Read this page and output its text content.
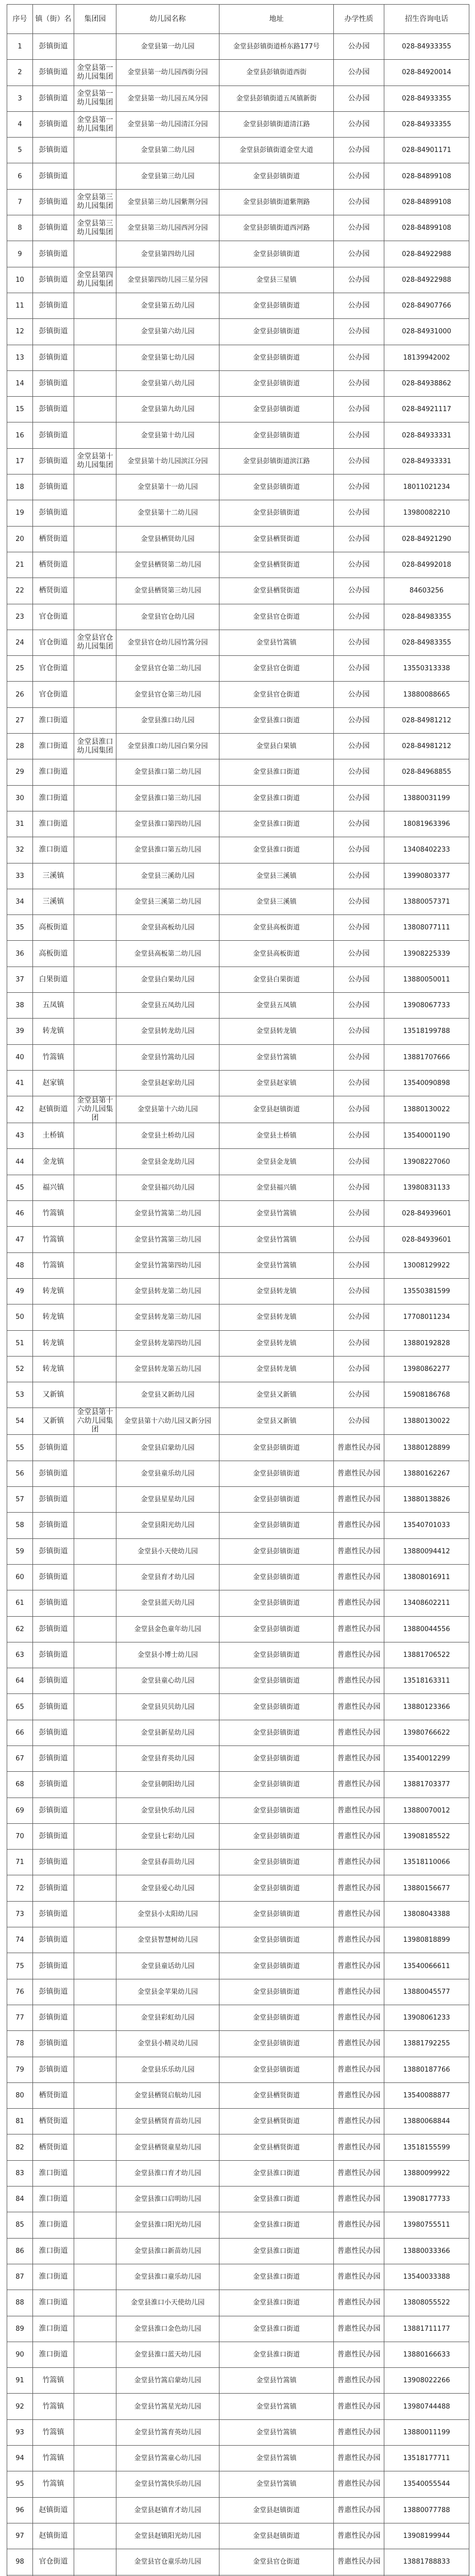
序号	镇（街）名	集团园	幼儿园名称	地址	办学性质	招生咨询电话
1	彭镇街道		金堂县第一幼儿园	金堂县彭镇街道桥东路177号	公办园	028-84933355
2	彭镇街道	金堂县第一幼儿园集团	金堂县第一幼儿园西街分园	金堂县彭镇街道西街	公办园	028-84920014
3	彭镇街道	金堂县第一幼儿园集团	金堂县第一幼儿园五凤分园	金堂县彭镇街道五凤镇新街	公办园	028-84933355
4	彭镇街道	金堂县第一幼儿园集团	金堂县第一幼儿园清江分园	金堂县彭镇街道清江路	公办园	028-84933355
5	彭镇街道		金堂县第二幼儿园	金堂县彭镇街道金堂大道	公办园	028-84901171
6	彭镇街道		金堂县第三幼儿园	金堂县彭镇街道	公办园	028-84899108
7	彭镇街道	金堂县第三幼儿园集团	金堂县第三幼儿园紫荆分园	金堂县彭镇街道紫荆路	公办园	028-84899108
8	彭镇街道	金堂县第三幼儿园集团	金堂县第三幼儿园西河分园	金堂县彭镇街道西河路	公办园	028-84899108
9	彭镇街道		金堂县第四幼儿园	金堂县彭镇街道	公办园	028-84922988
10	彭镇街道	金堂县第四幼儿园集团	金堂县第四幼儿园三星分园	金堂县三星镇	公办园	028-84922988
11	彭镇街道		金堂县第五幼儿园	金堂县彭镇街道	公办园	028-84907766
12	彭镇街道		金堂县第六幼儿园	金堂县彭镇街道	公办园	028-84931000
13	彭镇街道		金堂县第七幼儿园	金堂县彭镇街道	公办园	18139942002
14	彭镇街道		金堂县第八幼儿园	金堂县彭镇街道	公办园	028-84938862
15	彭镇街道		金堂县第九幼儿园	金堂县彭镇街道	公办园	028-84921117
16	彭镇街道		金堂县第十幼儿园	金堂县彭镇街道	公办园	028-84933331
17	彭镇街道	金堂县第十幼儿园集团	金堂县第十幼儿园滨江分园	金堂县彭镇街道滨江路	公办园	028-84933331
18	彭镇街道		金堂县第十一幼儿园	金堂县彭镇街道	公办园	18011021234
19	彭镇街道		金堂县第十二幼儿园	金堂县彭镇街道	公办园	13980082210
20	栖贤街道		金堂县栖贤幼儿园	金堂县栖贤街道	公办园	028-84921290
21	栖贤街道		金堂县栖贤第二幼儿园	金堂县栖贤街道	公办园	028-84992018
22	栖贤街道		金堂县栖贤第三幼儿园	金堂县栖贤街道	公办园	84603256
23	官仓街道		金堂县官仓幼儿园	金堂县官仓街道	公办园	028-84983355
24	官仓街道	金堂县官仓幼儿园集团	金堂县官仓幼儿园竹篙分园	金堂县竹篙镇	公办园	028-84983355
25	官仓街道		金堂县官仓第二幼儿园	金堂县官仓街道	公办园	13550313338
26	官仓街道		金堂县官仓第三幼儿园	金堂县官仓街道	公办园	13880088665
27	淮口街道		金堂县淮口幼儿园	金堂县淮口街道	公办园	028-84981212
28	淮口街道	金堂县淮口幼儿园集团	金堂县淮口幼儿园白果分园	金堂县白果镇	公办园	028-84981212
29	淮口街道		金堂县淮口第二幼儿园	金堂县淮口街道	公办园	028-84968855
30	淮口街道		金堂县淮口第三幼儿园	金堂县淮口街道	公办园	13880031199
31	淮口街道		金堂县淮口第四幼儿园	金堂县淮口街道	公办园	18081963396
32	淮口街道		金堂县淮口第五幼儿园	金堂县淮口街道	公办园	13408402233
33	三溪镇		金堂县三溪幼儿园	金堂县三溪镇	公办园	13990803377
34	三溪镇		金堂县三溪第二幼儿园	金堂县三溪镇	公办园	13880057371
35	高板街道		金堂县高板幼儿园	金堂县高板街道	公办园	13808077111
36	高板街道		金堂县高板第二幼儿园	金堂县高板街道	公办园	13908225339
37	白果街道		金堂县白果幼儿园	金堂县白果街道	公办园	13880050011
38	五凤镇		金堂县五凤幼儿园	金堂县五凤镇	公办园	13908067733
39	转龙镇		金堂县转龙幼儿园	金堂县转龙镇	公办园	13518199788
40	竹篙镇		金堂县竹篙幼儿园	金堂县竹篙镇	公办园	13881707666
41	赵家镇		金堂县赵家幼儿园	金堂县赵家镇	公办园	13540090898
42	赵镇街道	金堂县第十六幼儿园集团	金堂县第十六幼儿园	金堂县赵镇街道	公办园	13880130022
43	土桥镇		金堂县土桥幼儿园	金堂县土桥镇	公办园	13540001190
44	金龙镇		金堂县金龙幼儿园	金堂县金龙镇	公办园	13908227060
45	福兴镇		金堂县福兴幼儿园	金堂县福兴镇	公办园	13980831133
46	竹篙镇		金堂县竹篙第二幼儿园	金堂县竹篙镇	公办园	028-84939601
47	竹篙镇		金堂县竹篙第三幼儿园	金堂县竹篙镇	公办园	028-84939601
48	竹篙镇		金堂县竹篙第四幼儿园	金堂县竹篙镇	公办园	13008129922
49	转龙镇		金堂县转龙第二幼儿园	金堂县转龙镇	公办园	13550381599
50	转龙镇		金堂县转龙第三幼儿园	金堂县转龙镇	公办园	17708011234
51	转龙镇		金堂县转龙第四幼儿园	金堂县转龙镇	公办园	13880192828
52	转龙镇		金堂县转龙第五幼儿园	金堂县转龙镇	公办园	13980862277
53	又新镇		金堂县又新幼儿园	金堂县又新镇	公办园	15908186768
54	又新镇	金堂县第十六幼儿园集团	金堂县第十六幼儿园又新分园	金堂县又新镇	公办园	13880130022
55	彭镇街道		金堂县启蒙幼儿园	金堂县彭镇街道	普惠性民办园	13880128899
56	彭镇街道		金堂县童乐幼儿园	金堂县彭镇街道	普惠性民办园	13880162267
57	彭镇街道		金堂县星星幼儿园	金堂县彭镇街道	普惠性民办园	13880138826
58	彭镇街道		金堂县阳光幼儿园	金堂县彭镇街道	普惠性民办园	13540701033
59	彭镇街道		金堂县小天使幼儿园	金堂县彭镇街道	普惠性民办园	13880094412
60	彭镇街道		金堂县育才幼儿园	金堂县彭镇街道	普惠性民办园	13808016911
61	彭镇街道		金堂县蓝天幼儿园	金堂县彭镇街道	普惠性民办园	13408602211
62	彭镇街道		金堂县金色童年幼儿园	金堂县彭镇街道	普惠性民办园	13880044556
63	彭镇街道		金堂县小博士幼儿园	金堂县彭镇街道	普惠性民办园	13881706522
64	彭镇街道		金堂县童心幼儿园	金堂县彭镇街道	普惠性民办园	13518163311
65	彭镇街道		金堂县贝贝幼儿园	金堂县彭镇街道	普惠性民办园	13880123366
66	彭镇街道		金堂县新星幼儿园	金堂县彭镇街道	普惠性民办园	13980766622
67	彭镇街道		金堂县育英幼儿园	金堂县彭镇街道	普惠性民办园	13540012299
68	彭镇街道		金堂县朝阳幼儿园	金堂县彭镇街道	普惠性民办园	13881703377
69	彭镇街道		金堂县快乐幼儿园	金堂县彭镇街道	普惠性民办园	13880070012
70	彭镇街道		金堂县七彩幼儿园	金堂县彭镇街道	普惠性民办园	13908185522
71	彭镇街道		金堂县春苗幼儿园	金堂县彭镇街道	普惠性民办园	13518110066
72	彭镇街道		金堂县爱心幼儿园	金堂县彭镇街道	普惠性民办园	13880156677
73	彭镇街道		金堂县小太阳幼儿园	金堂县彭镇街道	普惠性民办园	13808043388
74	彭镇街道		金堂县智慧树幼儿园	金堂县彭镇街道	普惠性民办园	13980818899
75	彭镇街道		金堂县童话幼儿园	金堂县彭镇街道	普惠性民办园	13540066611
76	彭镇街道		金堂县金苹果幼儿园	金堂县彭镇街道	普惠性民办园	13880045577
77	彭镇街道		金堂县彩虹幼儿园	金堂县彭镇街道	普惠性民办园	13908061233
78	彭镇街道		金堂县小精灵幼儿园	金堂县彭镇街道	普惠性民办园	13881792255
79	彭镇街道		金堂县乐乐幼儿园	金堂县彭镇街道	普惠性民办园	13880187766
80	栖贤街道		金堂县栖贤启航幼儿园	金堂县栖贤街道	普惠性民办园	13540088877
81	栖贤街道		金堂县栖贤育苗幼儿园	金堂县栖贤街道	普惠性民办园	13880068844
82	栖贤街道		金堂县栖贤童星幼儿园	金堂县栖贤街道	普惠性民办园	13518155599
83	淮口街道		金堂县淮口育才幼儿园	金堂县淮口街道	普惠性民办园	13880099922
84	淮口街道		金堂县淮口启明幼儿园	金堂县淮口街道	普惠性民办园	13908177733
85	淮口街道		金堂县淮口阳光幼儿园	金堂县淮口街道	普惠性民办园	13980755511
86	淮口街道		金堂县淮口新苗幼儿园	金堂县淮口街道	普惠性民办园	13880033366
87	淮口街道		金堂县淮口童乐幼儿园	金堂县淮口街道	普惠性民办园	13540033388
88	淮口街道		金堂县淮口小天使幼儿园	金堂县淮口街道	普惠性民办园	13808055522
89	淮口街道		金堂县淮口金色幼儿园	金堂县淮口街道	普惠性民办园	13881711177
90	淮口街道		金堂县淮口蓝天幼儿园	金堂县淮口街道	普惠性民办园	13880166633
91	竹篙镇		金堂县竹篙启蒙幼儿园	金堂县竹篙镇	普惠性民办园	13908022266
92	竹篙镇		金堂县竹篙星光幼儿园	金堂县竹篙镇	普惠性民办园	13980744488
93	竹篙镇		金堂县竹篙育英幼儿园	金堂县竹篙镇	普惠性民办园	13880011199
94	竹篙镇		金堂县竹篙童心幼儿园	金堂县竹篙镇	普惠性民办园	13518177711
95	竹篙镇		金堂县竹篙快乐幼儿园	金堂县竹篙镇	普惠性民办园	13540055544
96	赵镇街道		金堂县赵镇育才幼儿园	金堂县赵镇街道	普惠性民办园	13880077788
97	赵镇街道		金堂县赵镇阳光幼儿园	金堂县赵镇街道	普惠性民办园	13908199944
98	官仓街道		金堂县官仓童乐幼儿园	金堂县官仓街道	普惠性民办园	13881788833
